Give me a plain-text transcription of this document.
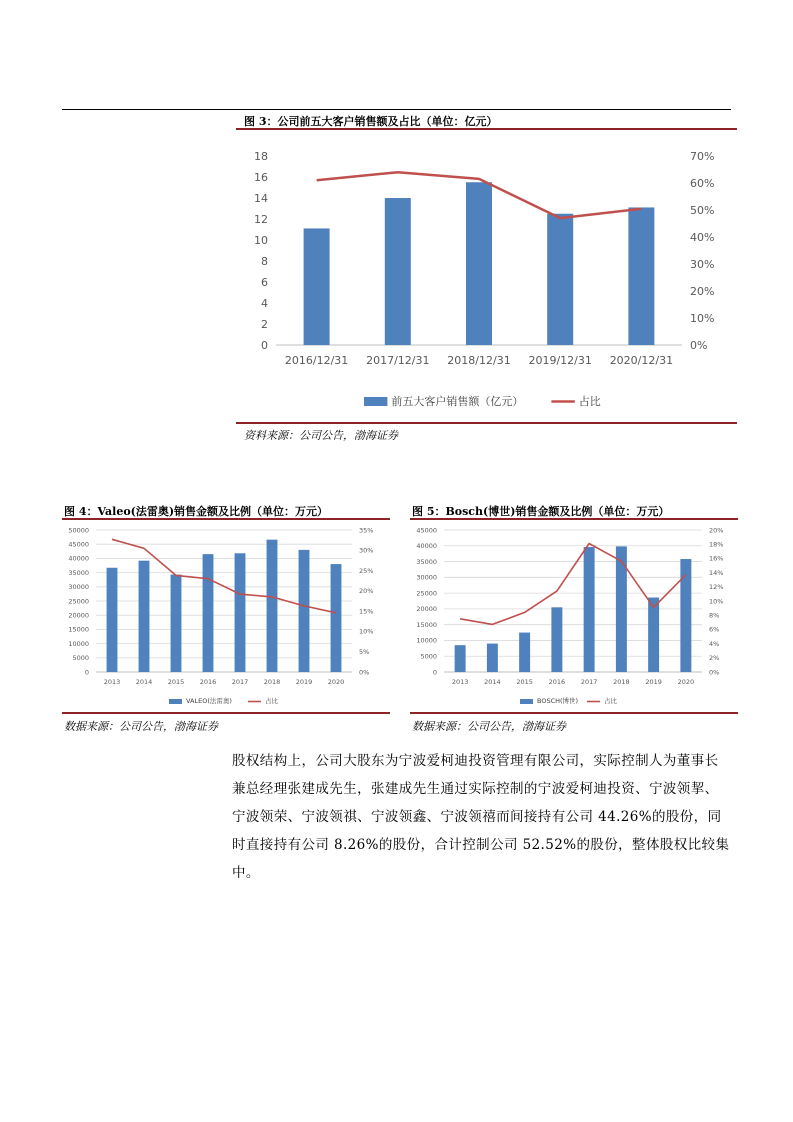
图 3：公司前五大客户销售额及占比（单位：亿元）
0
2
4
6
8
10
12
14
16
18
0%
10%
20%
30%
40%
50%
60%
70%
2016/12/31 2017/12/31 2018/12/31 2019/12/31 2020/12/31
前五大客户销售额（亿元）	占比
资料来源：公司公告，渤海证券
图 4：Valeo(法雷奥)销售金额及比例（单位：万元）
0
5000
10000
15000
20000
25000
30000
35000
40000
45000
50000
0%
5%
10%
15%
20%
25%
30%
35%
2013 2014 2015 2016 2017 2018 2019 2020
VALEO(法雷奥)	占比
数据来源：公司公告，渤海证券
图 5：Bosch(博世)销售金额及比例（单位：万元）
0
5000
10000
15000
20000
25000
30000
35000
40000
45000
0%
2%
4%
6%
8%
10%
12%
14%
16%
18%
20%
2013 2014 2015 2016 2017 2018 2019 2020
BOSCH(博世)	占比
数据来源：公司公告，渤海证券
股权结构上，公司大股东为宁波爱柯迪投资管理有限公司，实际控制人为董事长
兼总经理张建成先生，张建成先生通过实际控制的宁波爱柯迪投资、宁波领挈、
宁波领荣、宁波领祺、宁波领鑫、宁波领禧而间接持有公司 44.26%的股份，同
时直接持有公司 8.26%的股份，合计控制公司 52.52%的股份，整体股权比较集
中。
